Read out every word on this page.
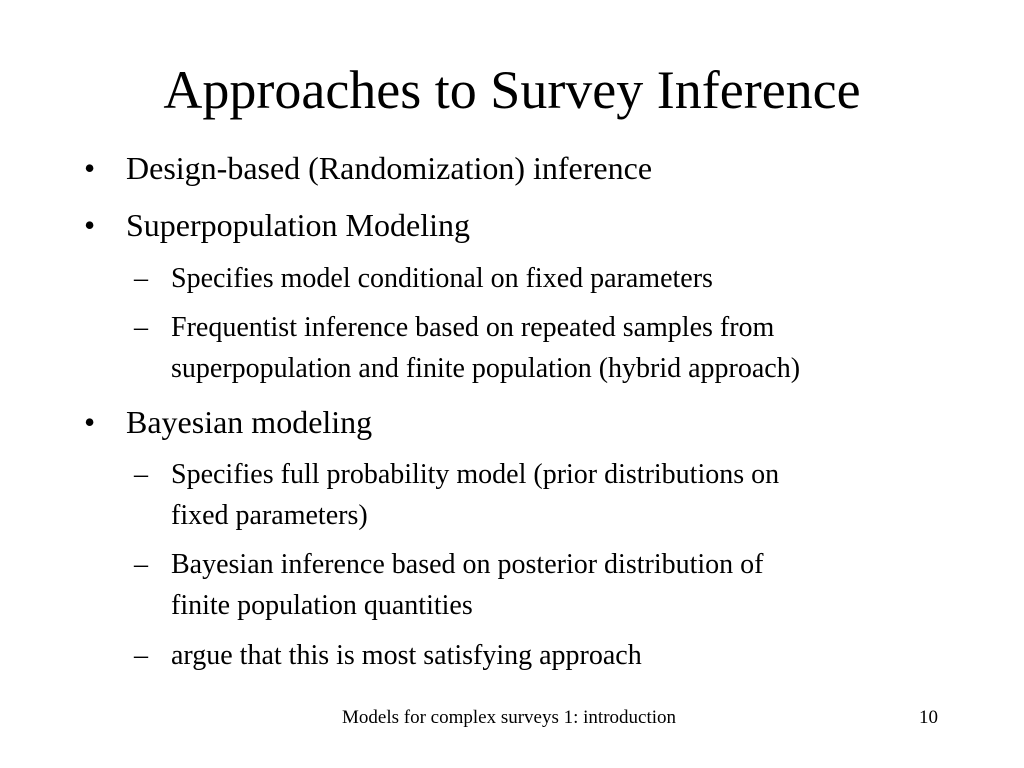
Approaches to Survey Inference
• Design-based (Randomization) inference
• Superpopulation Modeling
– Specifies model conditional on fixed parameters
– Frequentist inference based on repeated samples from
superpopulation and finite population (hybrid approach)
• Bayesian modeling
– Specifies full probability model (prior distributions on
fixed parameters)
– Bayesian inference based on posterior distribution of
finite population quantities
– argue that this is most satisfying approach
Models for complex surveys 1: introduction	10
